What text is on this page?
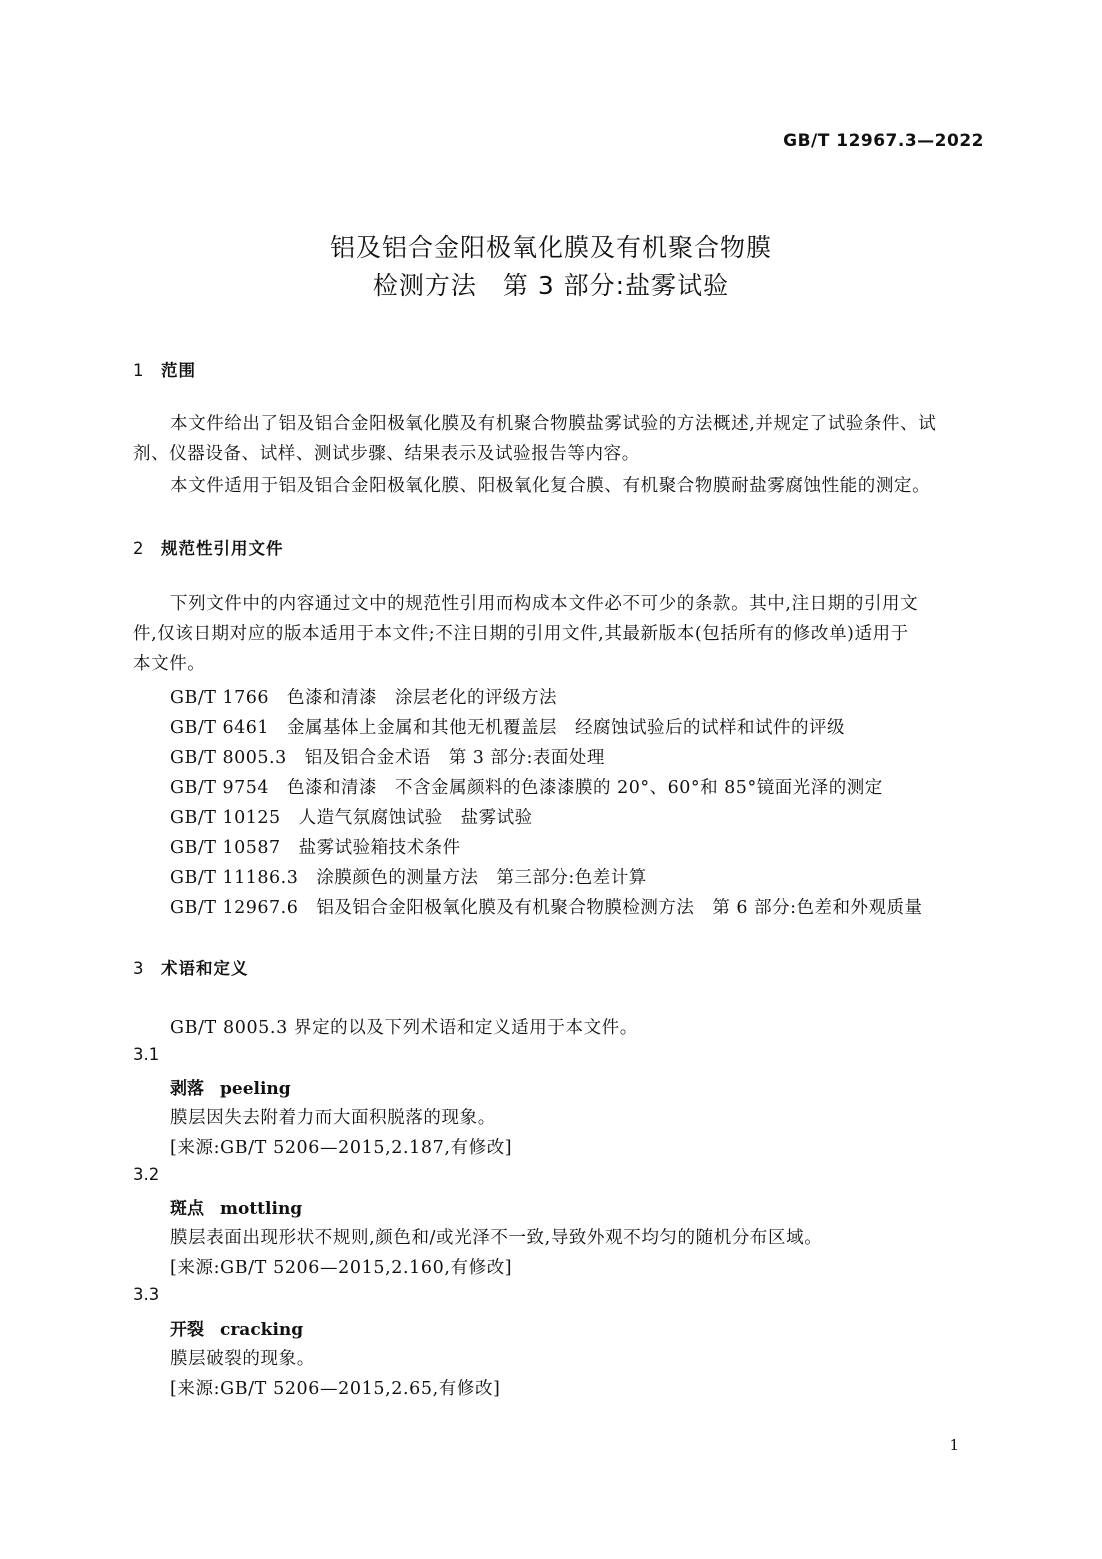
GB/T 12967.3—2022
铝及铝合金阳极氧化膜及有机聚合物膜
检测方法　第 3 部分:盐雾试验
1 范围
本文件给出了铝及铝合金阳极氧化膜及有机聚合物膜盐雾试验的方法概述,并规定了试验条件、试
剂、仪器设备、试样、测试步骤、结果表示及试验报告等内容。
本文件适用于铝及铝合金阳极氧化膜、阳极氧化复合膜、有机聚合物膜耐盐雾腐蚀性能的测定。
2 规范性引用文件
下列文件中的内容通过文中的规范性引用而构成本文件必不可少的条款。其中,注日期的引用文
件,仅该日期对应的版本适用于本文件;不注日期的引用文件,其最新版本(包括所有的修改单)适用于
本文件。
GB/T 1766 色漆和清漆　涂层老化的评级方法
GB/T 6461 金属基体上金属和其他无机覆盖层　经腐蚀试验后的试样和试件的评级
GB/T 8005.3 铝及铝合金术语　第 3 部分:表面处理
GB/T 9754 色漆和清漆　不含金属颜料的色漆漆膜的 20°、60°和 85°镜面光泽的测定
GB/T 10125 人造气氛腐蚀试验　盐雾试验
GB/T 10587 盐雾试验箱技术条件
GB/T 11186.3 涂膜颜色的测量方法　第三部分:色差计算
GB/T 12967.6 铝及铝合金阳极氧化膜及有机聚合物膜检测方法　第 6 部分:色差和外观质量
3 术语和定义
GB/T 8005.3 界定的以及下列术语和定义适用于本文件。
3.1
剥落 peeling
膜层因失去附着力而大面积脱落的现象。
[来源:GB/T 5206—2015,2.187,有修改]
3.2
斑点 mottling
膜层表面出现形状不规则,颜色和/或光泽不一致,导致外观不均匀的随机分布区域。
[来源:GB/T 5206—2015,2.160,有修改]
3.3
开裂 cracking
膜层破裂的现象。
[来源:GB/T 5206—2015,2.65,有修改]
1
